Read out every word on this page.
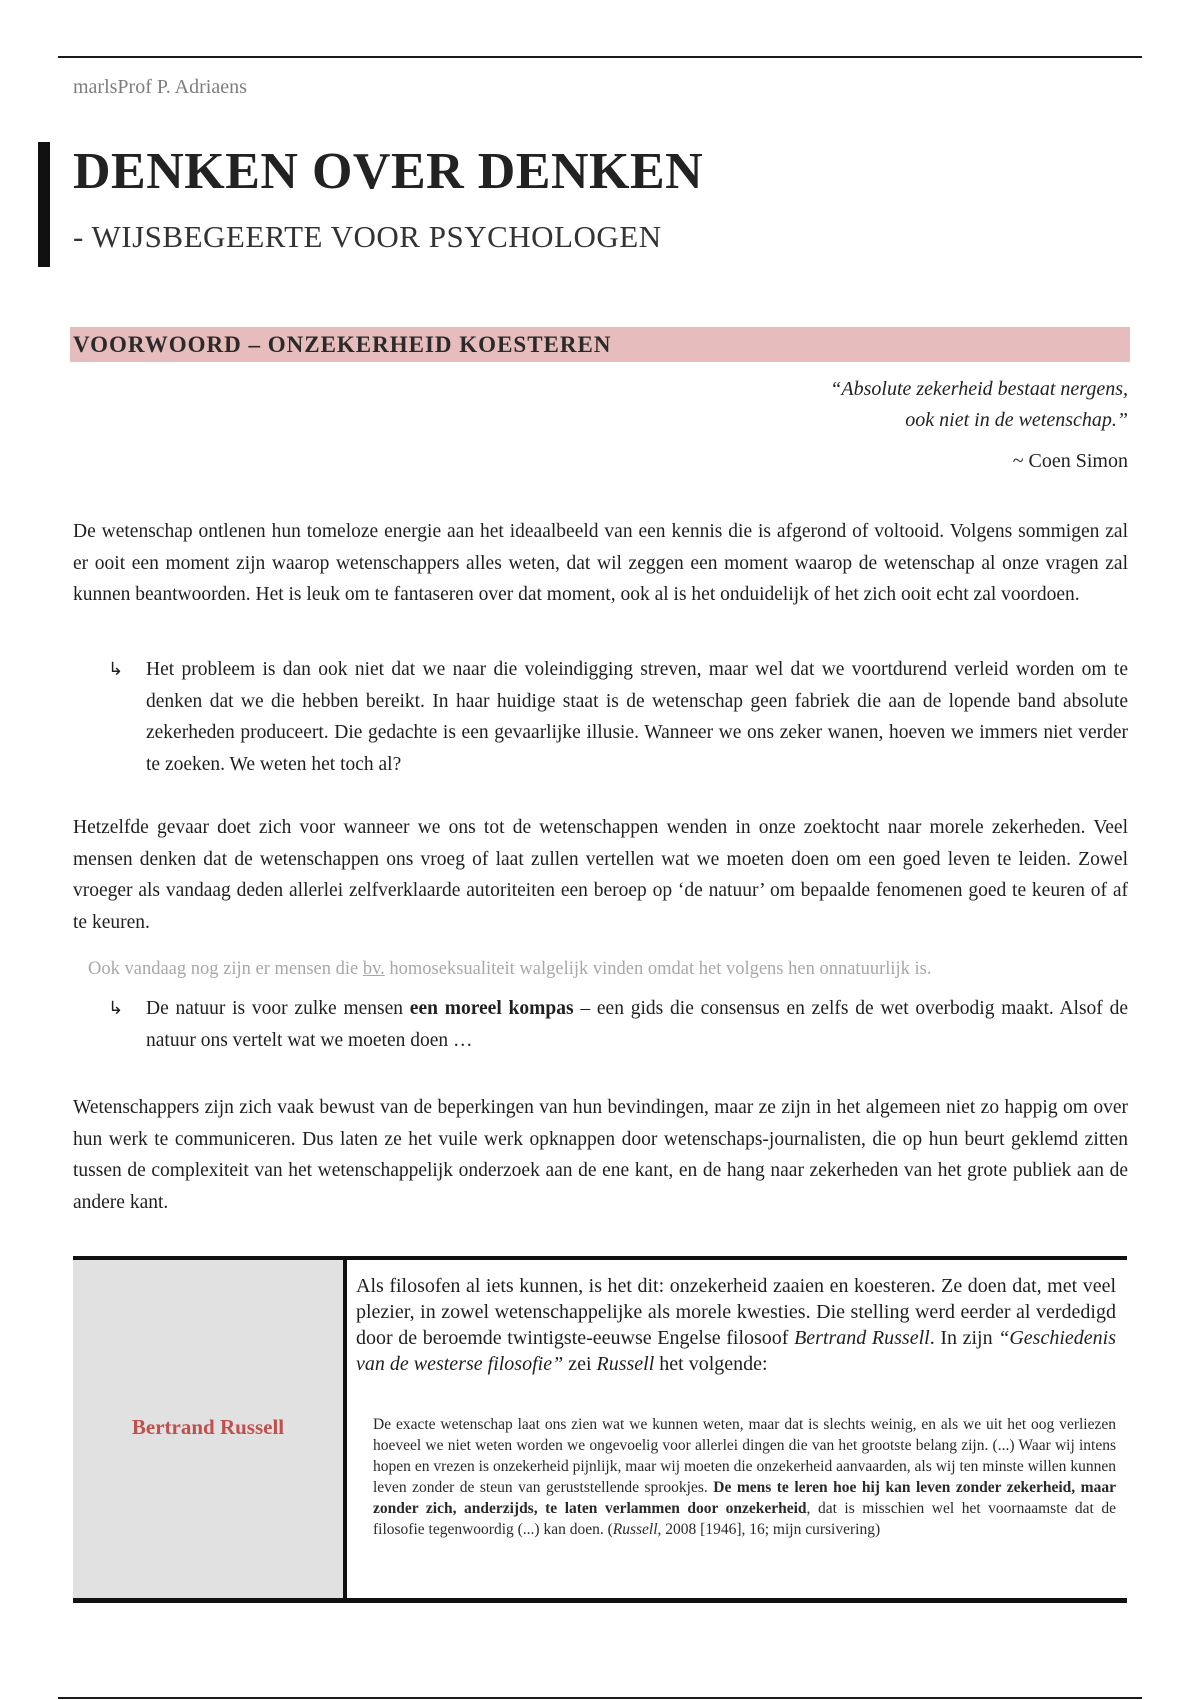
marlsProf P. Adriaens
DENKEN OVER DENKEN
- WIJSBEGEERTE VOOR PSYCHOLOGEN
VOORWOORD – ONZEKERHEID KOESTEREN
“Absolute zekerheid bestaat nergens,
ook niet in de wetenschap.”
~ Coen Simon
De wetenschap ontlenen hun tomeloze energie aan het ideaalbeeld van een kennis die is afgerond of voltooid. Volgens sommigen zal er ooit een moment zijn waarop wetenschappers alles weten, dat wil zeggen een moment waarop de wetenschap al onze vragen zal kunnen beantwoorden. Het is leuk om te fantaseren over dat moment, ook al is het onduidelijk of het zich ooit echt zal voordoen.
↳	Het probleem is dan ook niet dat we naar die voleindigging streven, maar wel dat we voortdurend verleid worden om te denken dat we die hebben bereikt. In haar huidige staat is de wetenschap geen fabriek die aan de lopende band absolute zekerheden produceert. Die gedachte is een gevaarlijke illusie. Wanneer we ons zeker wanen, hoeven we immers niet verder te zoeken. We weten het toch al?
Hetzelfde gevaar doet zich voor wanneer we ons tot de wetenschappen wenden in onze zoektocht naar morele zekerheden. Veel mensen denken dat de wetenschappen ons vroeg of laat zullen vertellen wat we moeten doen om een goed leven te leiden. Zowel vroeger als vandaag deden allerlei zelfverklaarde autoriteiten een beroep op ‘de natuur’ om bepaalde fenomenen goed te keuren of af te keuren.
Ook vandaag nog zijn er mensen die bv. homoseksualiteit walgelijk vinden omdat het volgens hen onnatuurlijk is.
↳	De natuur is voor zulke mensen een moreel kompas – een gids die consensus en zelfs de wet overbodig maakt. Alsof de natuur ons vertelt wat we moeten doen …
Wetenschappers zijn zich vaak bewust van de beperkingen van hun bevindingen, maar ze zijn in het algemeen niet zo happig om over hun werk te communiceren. Dus laten ze het vuile werk opknappen door wetenschaps-journalisten, die op hun beurt geklemd zitten tussen de complexiteit van het wetenschappelijk onderzoek aan de ene kant, en de hang naar zekerheden van het grote publiek aan de andere kant.
Bertrand Russell
Als filosofen al iets kunnen, is het dit: onzekerheid zaaien en koesteren. Ze doen dat, met veel plezier, in zowel wetenschappelijke als morele kwesties. Die stelling werd eerder al verdedigd door de beroemde twintigste-eeuwse Engelse filosoof Bertrand Russell. In zijn “Geschiedenis van de westerse filosofie” zei Russell het volgende:
De exacte wetenschap laat ons zien wat we kunnen weten, maar dat is slechts weinig, en als we uit het oog verliezen hoeveel we niet weten worden we ongevoelig voor allerlei dingen die van het grootste belang zijn. (...) Waar wij intens hopen en vrezen is onzekerheid pijnlijk, maar wij moeten die onzekerheid aanvaarden, als wij ten minste willen kunnen leven zonder de steun van geruststellende sprookjes. De mens te leren hoe hij kan leven zonder zekerheid, maar zonder zich, anderzijds, te laten verlammen door onzekerheid, dat is misschien wel het voornaamste dat de filosofie tegenwoordig (...) kan doen. (Russell, 2008 [1946], 16; mijn cursivering)
